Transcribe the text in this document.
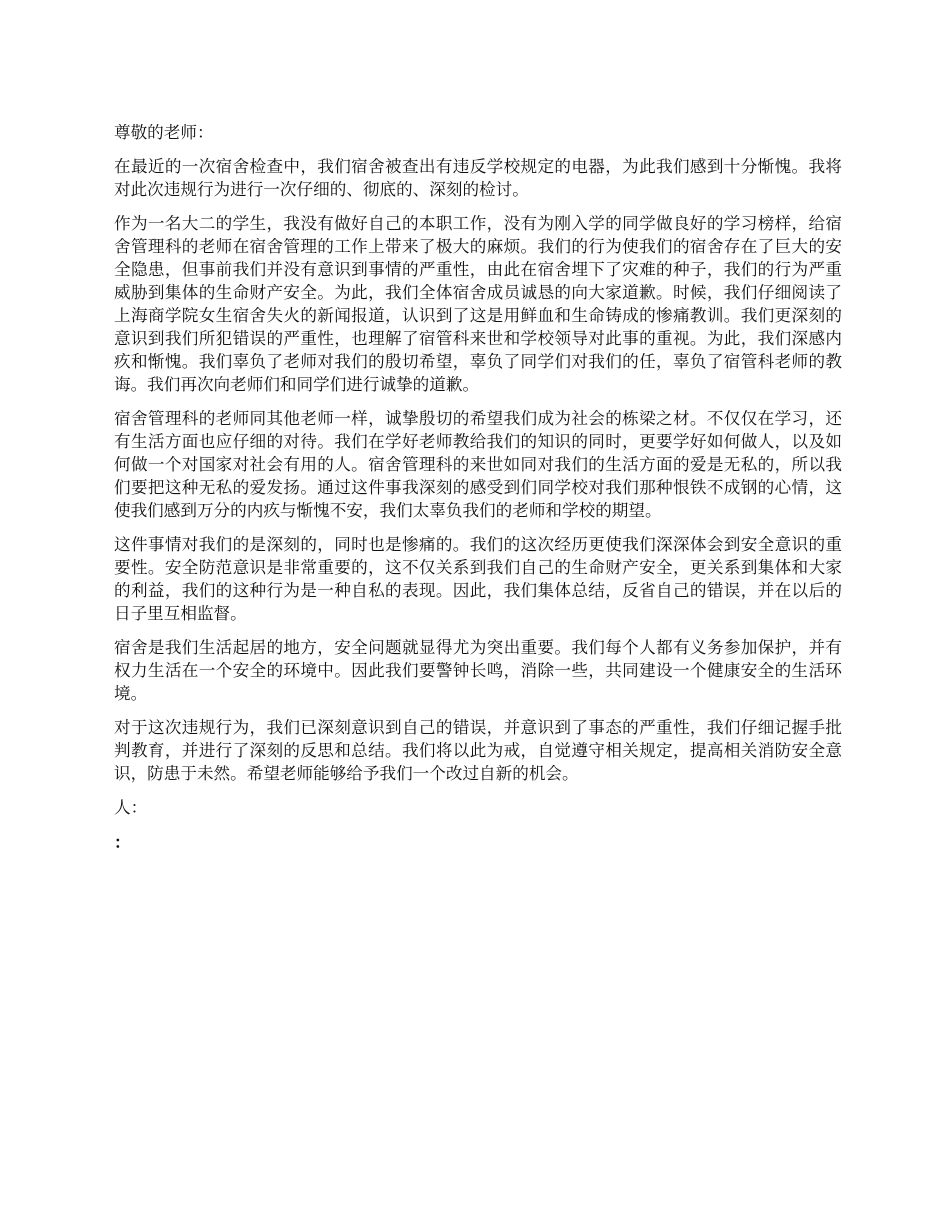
尊敬的老师：

在最近的一次宿舍检查中，我们宿舍被查出有违反学校规定的电器，为此我们感到十分惭愧。我将对此次违规行为进行一次仔细的、彻底的、深刻的检讨。

作为一名大二的学生，我没有做好自己的本职工作，没有为刚入学的同学做良好的学习榜样，给宿舍管理科的老师在宿舍管理的工作上带来了极大的麻烦。我们的行为使我们的宿舍存在了巨大的安全隐患，但事前我们并没有意识到事情的严重性，由此在宿舍埋下了灾难的种子，我们的行为严重威胁到集体的生命财产安全。为此，我们全体宿舍成员诚恳的向大家道歉。时候，我们仔细阅读了上海商学院女生宿舍失火的新闻报道，认识到了这是用鲜血和生命铸成的惨痛教训。我们更深刻的意识到我们所犯错误的严重性，也理解了宿管科来世和学校领导对此事的重视。为此，我们深感内疚和惭愧。我们辜负了老师对我们的殷切希望，辜负了同学们对我们的任，辜负了宿管科老师的教诲。我们再次向老师们和同学们进行诚挚的道歉。

宿舍管理科的老师同其他老师一样，诚挚殷切的希望我们成为社会的栋梁之材。不仅仅在学习，还有生活方面也应仔细的对待。我们在学好老师教给我们的知识的同时，更要学好如何做人，以及如何做一个对国家对社会有用的人。宿舍管理科的来世如同对我们的生活方面的爱是无私的，所以我们要把这种无私的爱发扬。通过这件事我深刻的感受到们同学校对我们那种恨铁不成钢的心情，这使我们感到万分的内疚与惭愧不安，我们太辜负我们的老师和学校的期望。

这件事情对我们的是深刻的，同时也是惨痛的。我们的这次经历更使我们深深体会到安全意识的重要性。安全防范意识是非常重要的，这不仅关系到我们自己的生命财产安全，更关系到集体和大家的利益，我们的这种行为是一种自私的表现。因此，我们集体总结，反省自己的错误，并在以后的日子里互相监督。

宿舍是我们生活起居的地方，安全问题就显得尤为突出重要。我们每个人都有义务参加保护，并有权力生活在一个安全的环境中。因此我们要警钟长鸣，消除一些，共同建设一个健康安全的生活环境。

对于这次违规行为，我们已深刻意识到自己的错误，并意识到了事态的严重性，我们仔细记握手批判教育，并进行了深刻的反思和总结。我们将以此为戒，自觉遵守相关规定，提高相关消防安全意识，防患于未然。希望老师能够给予我们一个改过自新的机会。

人：

：
